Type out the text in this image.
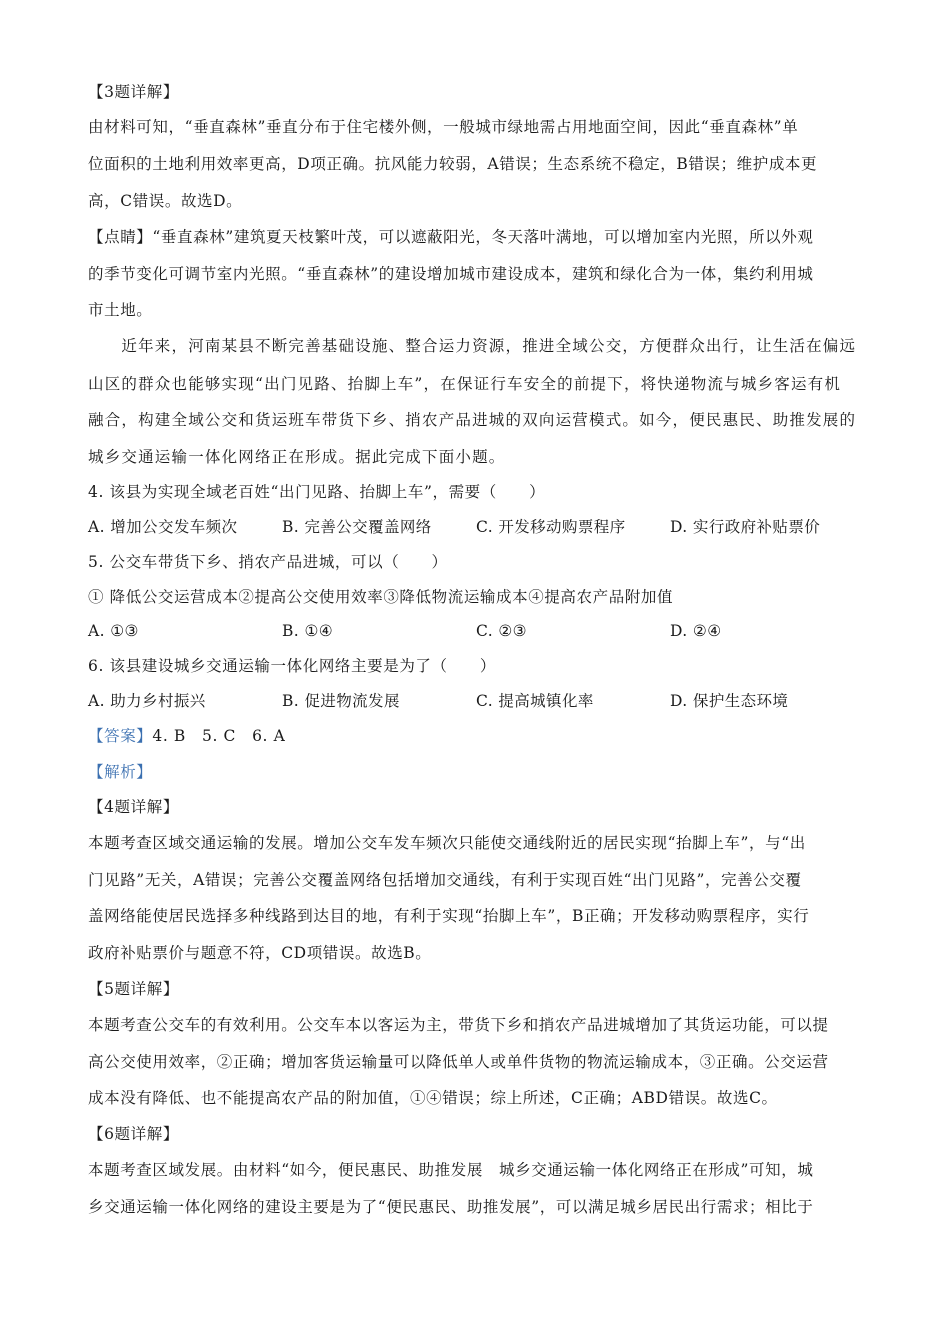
【3题详解】
由材料可知，“垂直森林”垂直分布于住宅楼外侧，一般城市绿地需占用地面空间，因此“垂直森林”单
位面积的土地利用效率更高，D项正确。抗风能力较弱，A错误；生态系统不稳定，B错误；维护成本更
高，C错误。故选D。
【点睛】“垂直森林”建筑夏天枝繁叶茂，可以遮蔽阳光，冬天落叶满地，可以增加室内光照，所以外观
的季节变化可调节室内光照。“垂直森林”的建设增加城市建设成本，建筑和绿化合为一体，集约利用城
市土地。
　　近年来，河南某县不断完善基础设施、整合运力资源，推进全域公交，方便群众出行，让生活在偏远
山区的群众也能够实现“出门见路、抬脚上车”，在保证行车安全的前提下，将快递物流与城乡客运有机
融合，构建全域公交和货运班车带货下乡、捎农产品进城的双向运营模式。如今，便民惠民、助推发展的
城乡交通运输一体化网络正在形成。据此完成下面小题。
4. 该县为实现全域老百姓“出门见路、抬脚上车”，需要（　　）
A. 增加公交发车频次	B. 完善公交覆盖网络	C. 开发移动购票程序	D. 实行政府补贴票价
5. 公交车带货下乡、捎农产品进城，可以（　　）
① 降低公交运营成本②提高公交使用效率③降低物流运输成本④提高农产品附加值
A. ①③	B. ①④	C. ②③	D. ②④
6. 该县建设城乡交通运输一体化网络主要是为了（　　）
A. 助力乡村振兴	B. 促进物流发展	C. 提高城镇化率	D. 保护生态环境
【答案】4. B　5. C　6. A
【解析】
【4题详解】
本题考查区域交通运输的发展。增加公交车发车频次只能使交通线附近的居民实现“抬脚上车”，与“出
门见路”无关，A错误；完善公交覆盖网络包括增加交通线，有利于实现百姓“出门见路”，完善公交覆
盖网络能使居民选择多种线路到达目的地，有利于实现“抬脚上车”，B正确；开发移动购票程序，实行
政府补贴票价与题意不符，CD项错误。故选B。
【5题详解】
本题考查公交车的有效利用。公交车本以客运为主，带货下乡和捎农产品进城增加了其货运功能，可以提
高公交使用效率，②正确；增加客货运输量可以降低单人或单件货物的物流运输成本，③正确。公交运营
成本没有降低、也不能提高农产品的附加值，①④错误；综上所述，C正确；ABD错误。故选C。
【6题详解】
本题考查区域发展。由材料“如今，便民惠民、助推发展　城乡交通运输一体化网络正在形成”可知，城
乡交通运输一体化网络的建设主要是为了“便民惠民、助推发展”，可以满足城乡居民出行需求；相比于
